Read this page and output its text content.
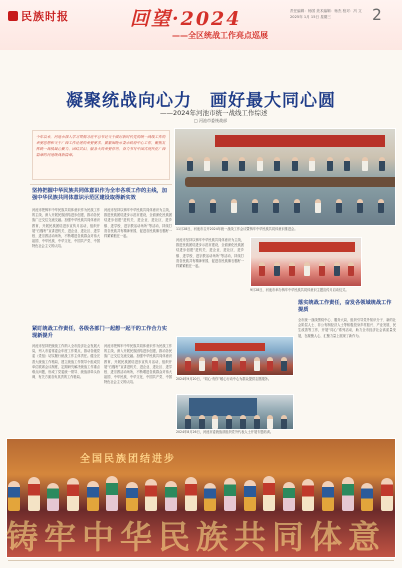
民族时报	回望·2024
——全区统战工作亮点巡展
责任编辑：杨国 美术编辑：杨杰 校对：冯 文
2025年 1月 15日 星期三	2
凝聚统战向心力　画好最大同心圆
——2024年河池市统一战线工作综述
□ 河池市委统战部
今年以来，河池市深入学习贯彻习近平总书记关于做好新时代党的统一战线工作的重要思想和关于广西工作论述的重要要求，紧紧围绕市委市政府中心工作，聚焦发挥统一战线凝心聚力、团结共识、服务大局重要作用，奋力书写中国式现代化广西篇章的河池统战新篇章。
11月28日，河池市召开2024年统一战线工作会议暨铸牢中华民族共同体意识推进会。
坚持把握中华民族共同体意识作为全市各项工作的主线，加强中华民族共同体意识示范区建设取得新实效
河池市把铸牢中华民族共同体意识作为民族工作的主线，深入开展民族团结进步创建，推动各民族广泛交往交流交融。加强中华民族共同体意识教育，开展民族团结进步宣传月活动，组织开展“石榴籽”宣讲进机关、进企业、进社区、进学校、进宗教活动场所，不断增进各族群众对伟大祖国、中华民族、中华文化、中国共产党、中国特色社会主义的认同。
河池市坚持以铸牢中华民族共同体意识为主线，推进民族团结进步示范市建设，全面深化民族团结进步创建“进机关、进企业、进社区、进乡镇、进学校、进宗教活动场所”等活动，持续打造各民族共有精神家园，促进各民族像石榴籽一样紧紧抱在一起。
河池市坚持以铸牢中华民族共同体意识为主线，推进民族团结进步示范市建设，全面深化民族团结进步创建“进机关、进企业、进社区、进乡镇、进学校、进宗教活动场所”等活动，持续打造各民族共有精神家园，促进各民族像石榴籽一样紧紧抱在一起。
9月28日，河池市举办铸牢中华民族共同体意识主题宣传月启动仪式。
落实统战工作责任，奋发各领域统战工作提质
全市统一战线围绕中心、服务大局，组织引导党外知识分子、新的社会阶层人士、非公有制经济人士等积极投身乡村振兴、产业发展、民生改善等工作，开展“同心”系列活动，助力全市经济社会高质量发展，在凝聚人心、汇聚力量上展现了新作为。
紧盯统战工作责任，各级各部门一起想一起干的工作合力实现新提升
河池市坚持把统战工作纳入全市经济社会发展大局，列入市委常委会年度工作要点，推动各级党委（党组）切实履行统战工作主体责任。健全完善大统战工作格局，建立统战工作领导小组成员单位联席会议制度，定期研究解决统战工作重点难点问题，形成了党委统一领导、统战部牵头协调、有关方面各负其责的工作格局。
河池市把铸牢中华民族共同体意识作为民族工作的主线，深入开展民族团结进步创建，推动各民族广泛交往交流交融。加强中华民族共同体意识教育，开展民族团结进步宣传月活动，组织开展“石榴籽”宣讲进机关、进企业、进社区、进学校、进宗教活动场所，不断增进各族群众对伟大祖国、中华民族、中华文化、中国共产党、中国特色社会主义的认同。
2024年9月20日，“同心·有你”暖心行动中心为群众提供志愿服务。
2024年8月26日，河池市委统战部组织党外代表人士开展专题培训。
全国民族团结进步
铸牢中华民族共同体意
